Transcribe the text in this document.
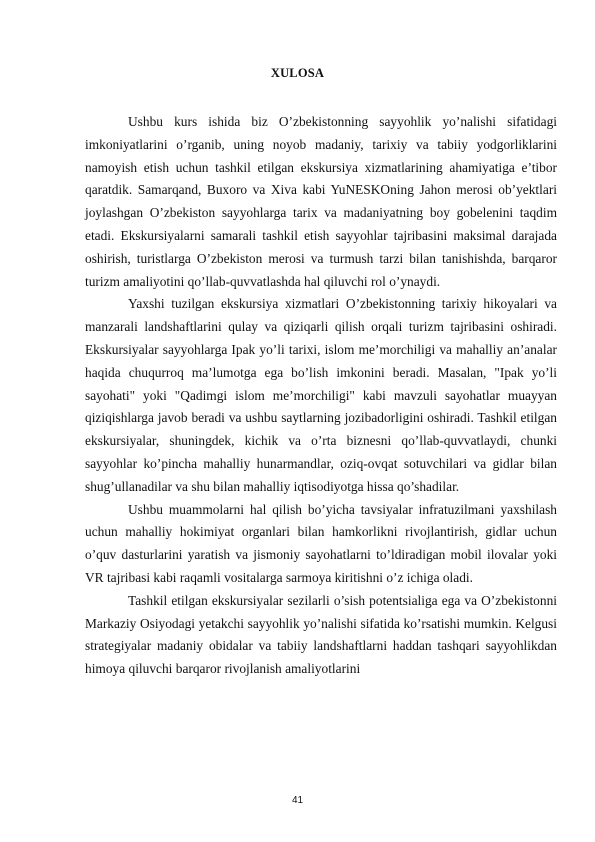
XULOSA

Ushbu kurs ishida biz O’zbekistonning sayyohlik yo’nalishi sifatidagi imkoniyatlarini o’rganib, uning noyob madaniy, tarixiy va tabiiy yodgorliklarini namoyish etish uchun tashkil etilgan ekskursiya xizmatlarining ahamiyatiga e’tibor qaratdik. Samarqand, Buxoro va Xiva kabi YuNESKOning Jahon merosi ob’yektlari joylashgan O’zbekiston sayyohlarga tarix va madaniyatning boy gobelenini taqdim etadi. Ekskursiyalarni samarali tashkil etish sayyohlar tajribasini maksimal darajada oshirish, turistlarga O’zbekiston merosi va turmush tarzi bilan tanishishda, barqaror turizm amaliyotini qo’llab-quvvatlashda hal qiluvchi rol o’ynaydi.

Yaxshi tuzilgan ekskursiya xizmatlari O’zbekistonning tarixiy hikoyalari va manzarali landshaftlarini qulay va qiziqarli qilish orqali turizm tajribasini oshiradi. Ekskursiyalar sayyohlarga Ipak yo’li tarixi, islom me’morchiligi va mahalliy an’analar haqida chuqurroq ma’lumotga ega bo’lish imkonini beradi. Masalan, "Ipak yo’li sayohati" yoki "Qadimgi islom me’morchiligi" kabi mavzuli sayohatlar muayyan qiziqishlarga javob beradi va ushbu saytlarning jozibadorligini oshiradi. Tashkil etilgan ekskursiyalar, shuningdek, kichik va o’rta biznesni qo’llab-quvvatlaydi, chunki sayyohlar ko’pincha mahalliy hunarmandlar, oziq-ovqat sotuvchilari va gidlar bilan shug’ullanadilar va shu bilan mahalliy iqtisodiyotga hissa qo’shadilar.

Ushbu muammolarni hal qilish bo’yicha tavsiyalar infratuzilmani yaxshilash uchun mahalliy hokimiyat organlari bilan hamkorlikni rivojlantirish, gidlar uchun o’quv dasturlarini yaratish va jismoniy sayohatlarni to’ldiradigan mobil ilovalar yoki VR tajribasi kabi raqamli vositalarga sarmoya kiritishni o’z ichiga oladi.

Tashkil etilgan ekskursiyalar sezilarli o’sish potentsialiga ega va O’zbekistonni Markaziy Osiyodagi yetakchi sayyohlik yo’nalishi sifatida ko’rsatishi mumkin. Kelgusi strategiyalar madaniy obidalar va tabiiy landshaftlarni haddan tashqari sayyohlikdan himoya qiluvchi barqaror rivojlanish amaliyotlarini

41
